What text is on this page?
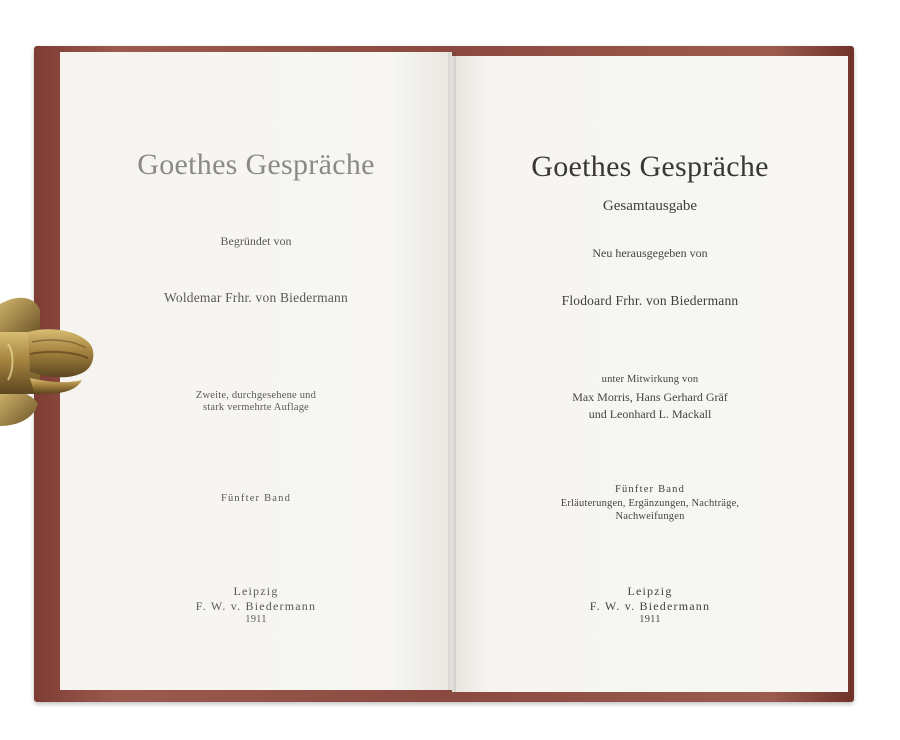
Goethes Gespräche
Begründet von
Woldemar Frhr. von Biedermann
Zweite, durchgesehene und
stark vermehrte Auflage
Fünfter Band
Leipzig
F. W. v. Biedermann
1911
Goethes Gespräche
Gesamtausgabe
Neu herausgegeben von
Flodoard Frhr. von Biedermann
unter Mitwirkung von
Max Morris, Hans Gerhard Gräf
und Leonhard L. Mackall
Fünfter Band
Erläuterungen, Ergänzungen, Nachträge,
Nachweifungen
Leipzig
F. W. v. Biedermann
1911
